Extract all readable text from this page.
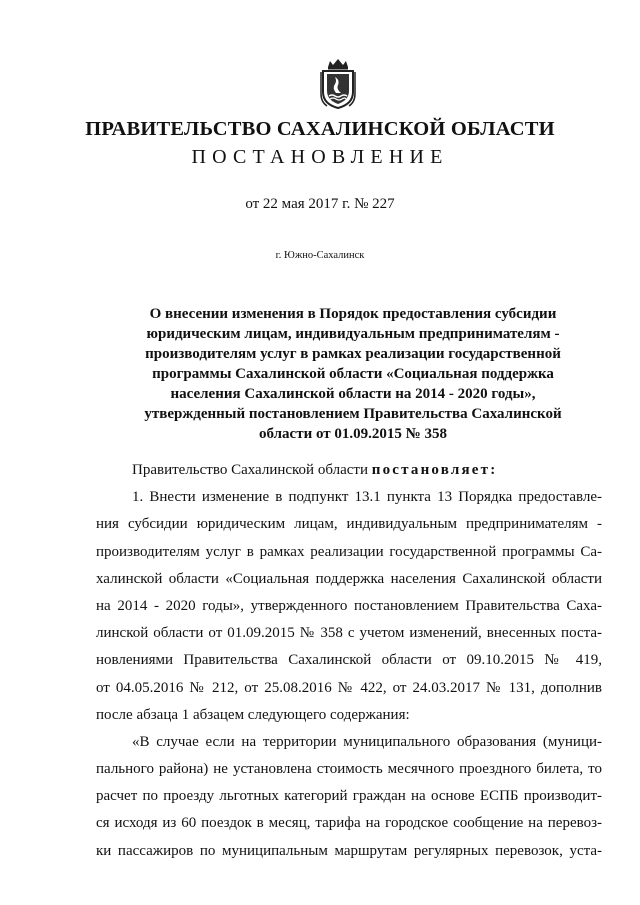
ПРАВИТЕЛЬСТВО САХАЛИНСКОЙ ОБЛАСТИ
ПОСТАНОВЛЕНИЕ
от 22 мая 2017 г. № 227
г. Южно-Сахалинск
О внесении изменения в Порядок предоставления субсидии
юридическим лицам, индивидуальным предпринимателям -
производителям услуг в рамках реализации государственной
программы Сахалинской области «Социальная поддержка
населения Сахалинской области на 2014 - 2020 годы»,
утвержденный постановлением Правительства Сахалинской
области от 01.09.2015 № 358
Правительство Сахалинской области постановляет:
1. Внести изменение в подпункт 13.1 пункта 13 Порядка предоставле-
ния субсидии юридическим лицам, индивидуальным предпринимателям -
производителям услуг в рамках реализации государственной программы Са-
халинской области «Социальная поддержка населения Сахалинской области
на 2014 - 2020 годы», утвержденного постановлением Правительства Саха-
линской области от 01.09.2015 № 358 с учетом изменений, внесенных поста-
новлениями Правительства Сахалинской области от 09.10.2015 № 419,
от 04.05.2016 № 212, от 25.08.2016 № 422, от 24.03.2017 № 131, дополнив
после абзаца 1 абзацем следующего содержания:
«В случае если на территории муниципального образования (муници-
пального района) не установлена стоимость месячного проездного билета, то
расчет по проезду льготных категорий граждан на основе ЕСПБ производит-
ся исходя из 60 поездок в месяц, тарифа на городское сообщение на перевоз-
ки пассажиров по муниципальным маршрутам регулярных перевозок, уста-
